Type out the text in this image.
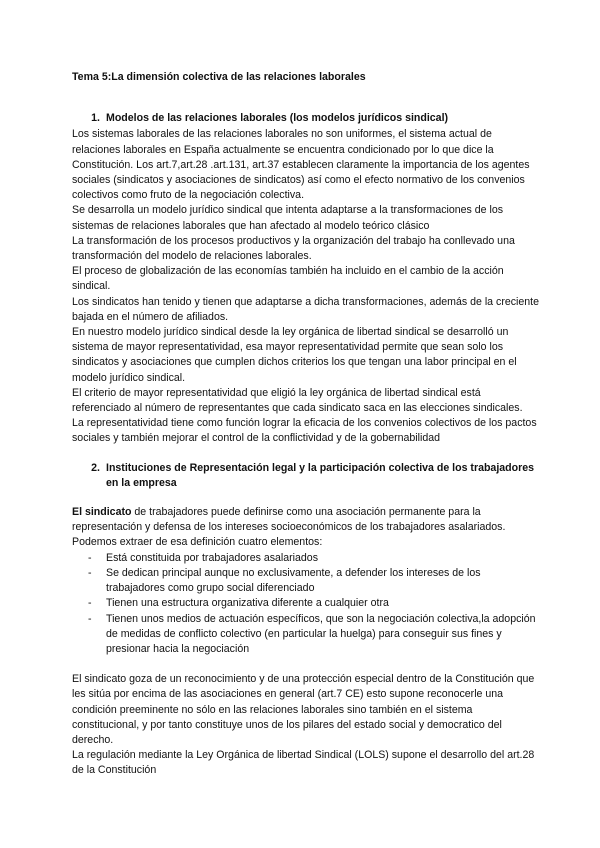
Tema 5:La dimensión colectiva de las relaciones laborales
1. Modelos de las relaciones laborales (los modelos jurídicos sindical)

Los sistemas laborales de las relaciones laborales no son uniformes, el sistema actual de relaciones laborales en España actualmente se encuentra condicionado por lo que dice la Constitución. Los art.7,art.28 .art.131, art.37 establecen claramente la importancia de los agentes sociales (sindicatos y asociaciones de sindicatos) así como el efecto normativo de los convenios colectivos como fruto de la negociación colectiva.

Se desarrolla un modelo jurídico sindical que intenta adaptarse a la transformaciones de los sistemas de relaciones laborales que han afectado al modelo teórico clásico

La transformación de los procesos productivos y la organización del trabajo ha conllevado una transformación del modelo de relaciones laborales.

El proceso de globalización de las economías también ha incluido en el cambio de la acción sindical.

Los sindicatos han tenido y tienen que adaptarse a dicha transformaciones, además de la creciente bajada en el número de afiliados.

En nuestro modelo jurídico sindical desde la ley orgánica de libertad sindical se desarrolló un sistema de mayor representatividad, esa mayor representatividad permite que sean solo los sindicatos y asociaciones que cumplen dichos criterios los que tengan una labor principal en el modelo jurídico sindical.

El criterio de mayor representatividad que eligió la ley orgánica de libertad sindical está referenciado al número de representantes que cada sindicato saca en las elecciones sindicales.

La representatividad tiene como función lograr la eficacia de los convenios colectivos de los pactos sociales y también mejorar el control de la conflictividad y de la gobernabilidad

2. Instituciones de Representación legal y la participación colectiva de los trabajadores en la empresa

El sindicato de trabajadores puede definirse como una asociación permanente para la representación y defensa de los intereses socioeconómicos de los trabajadores asalariados. Podemos extraer de esa definición cuatro elementos:

-	Está constituida por trabajadores asalariados
-	Se dedican principal aunque no exclusivamente, a defender los intereses de los trabajadores como grupo social diferenciado
-	Tienen una estructura organizativa diferente a cualquier otra
-	Tienen unos medios de actuación específicos, que son la negociación colectiva,la adopción de medidas de conflicto colectivo (en particular la huelga) para conseguir sus fines y presionar hacia la negociación

El sindicato goza de un reconocimiento y de una protección especial dentro de la Constitución que les sitúa por encima de las asociaciones en general (art.7 CE) esto supone reconocerle una condición preeminente no sólo en las relaciones laborales sino también en el sistema constitucional, y por tanto constituye unos de los pilares del estado social y democratico del derecho.

La regulación mediante la Ley Orgánica de libertad Sindical (LOLS) supone el desarrollo del art.28 de la Constitución
